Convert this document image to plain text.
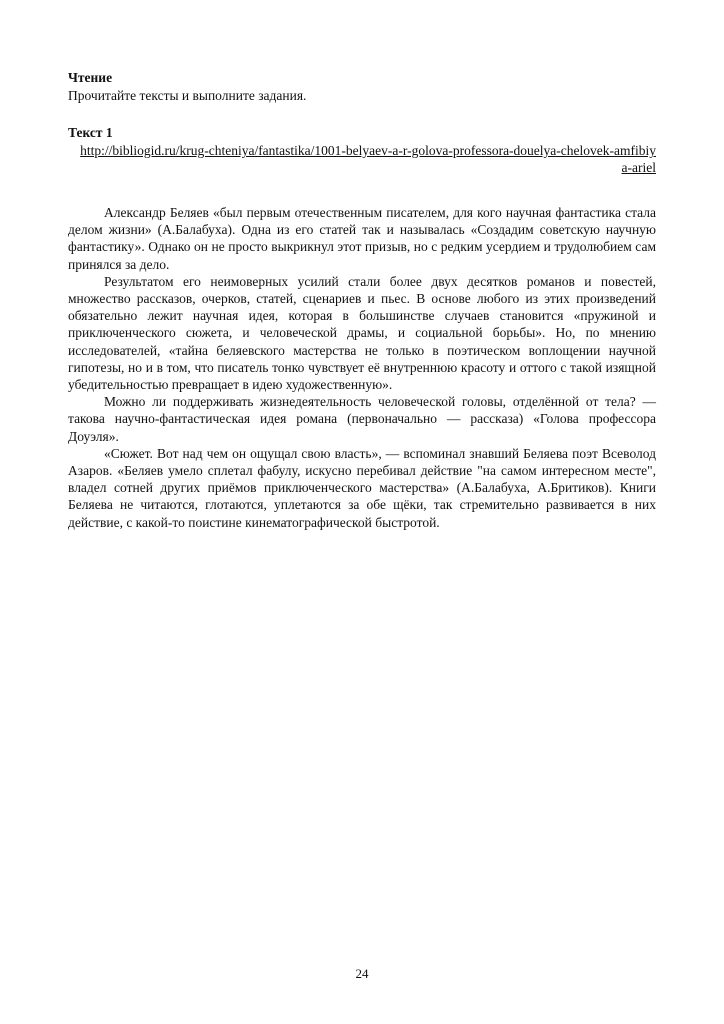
Чтение

Прочитайте тексты и выполните задания.

Текст 1

http://bibliogid.ru/krug-chteniya/fantastika/1001-belyaev-a-r-golova-professora-douelya-chelovek-amfibiya-ariel

Александр Беляев «был первым отечественным писателем, для кого научная фантастика стала делом жизни» (А.Балабуха). Одна из его статей так и называлась «Создадим советскую научную фантастику». Однако он не просто выкрикнул этот призыв, но с редким усердием и трудолюбием сам принялся за дело.

Результатом его неимоверных усилий стали более двух десятков романов и повестей, множество рассказов, очерков, статей, сценариев и пьес. В основе любого из этих произведений обязательно лежит научная идея, которая в большинстве случаев становится «пружиной и приключенческого сюжета, и человеческой драмы, и социальной борьбы». Но, по мнению исследователей, «тайна беляевского мастерства не только в поэтическом воплощении научной гипотезы, но и в том, что писатель тонко чувствует её внутреннюю красоту и оттого с такой изящной убедительностью превращает в идею художественную».

Можно ли поддерживать жизнедеятельность человеческой головы, отделённой от тела? — такова научно-фантастическая идея романа (первоначально — рассказа) «Голова профессора Доуэля».

«Сюжет. Вот над чем он ощущал свою власть», — вспоминал знавший Беляева поэт Всеволод Азаров. «Беляев умело сплетал фабулу, искусно перебивал действие "на самом интересном месте", владел сотней других приёмов приключенческого мастерства» (А.Балабуха, А.Бритиков). Книги Беляева не читаются, глотаются, уплетаются за обе щёки, так стремительно развивается в них действие, с какой-то поистине кинематографической быстротой.

24
